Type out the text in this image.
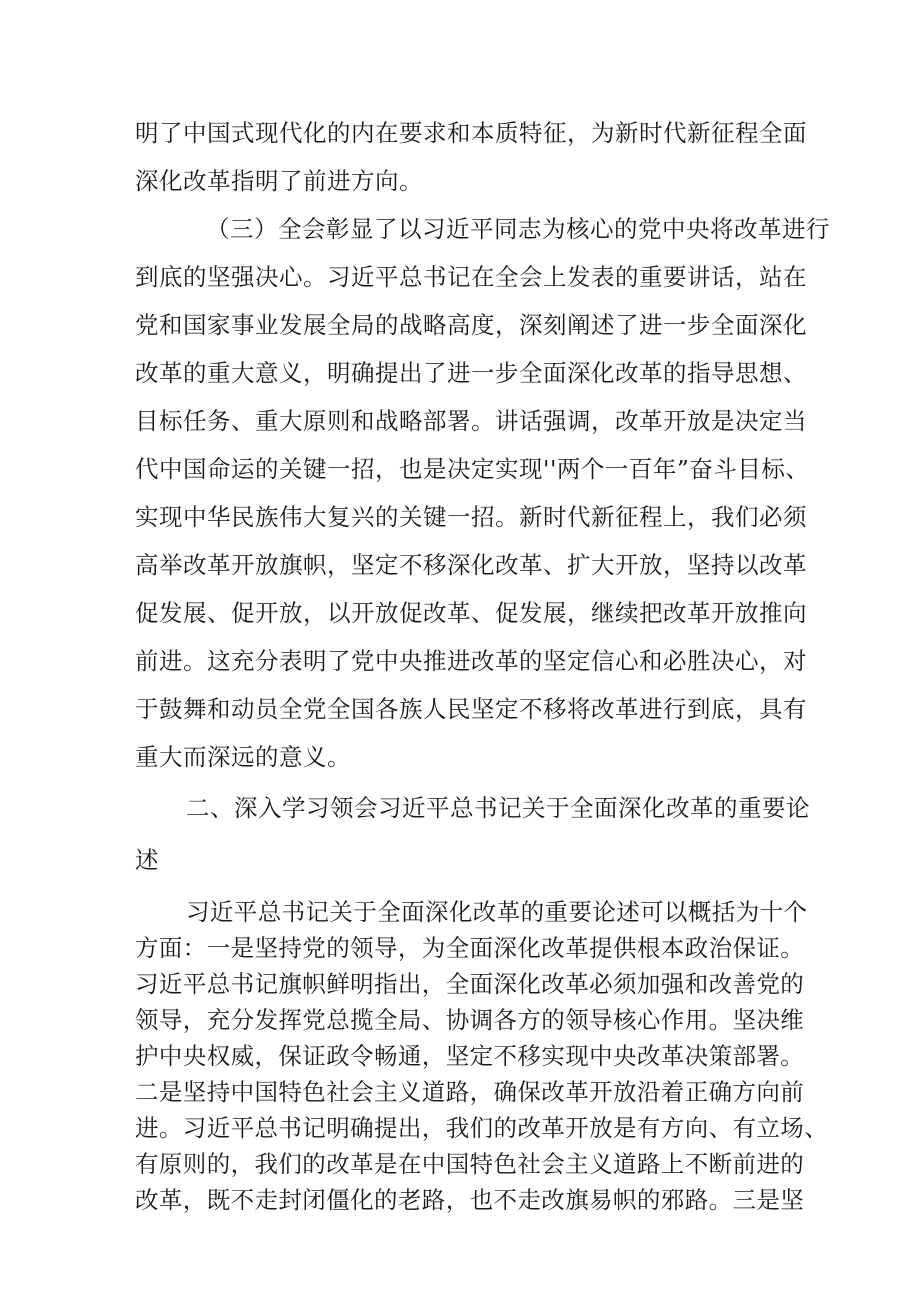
明了中国式现代化的内在要求和本质特征，为新时代新征程全面
深化改革指明了前进方向。
（三）全会彰显了以习近平同志为核心的党中央将改革进行
到底的坚强决心。习近平总书记在全会上发表的重要讲话，站在
党和国家事业发展全局的战略高度，深刻阐述了进一步全面深化
改革的重大意义，明确提出了进一步全面深化改革的指导思想、
目标任务、重大原则和战略部署。讲话强调，改革开放是决定当
代中国命运的关键一招，也是决定实现''两个一百年”奋斗目标、
实现中华民族伟大复兴的关键一招。新时代新征程上，我们必须
高举改革开放旗帜，坚定不移深化改革、扩大开放，坚持以改革
促发展、促开放，以开放促改革、促发展，继续把改革开放推向
前进。这充分表明了党中央推进改革的坚定信心和必胜决心，对
于鼓舞和动员全党全国各族人民坚定不移将改革进行到底，具有
重大而深远的意义。
二、深入学习领会习近平总书记关于全面深化改革的重要论
述
习近平总书记关于全面深化改革的重要论述可以概括为十个
方面：一是坚持党的领导，为全面深化改革提供根本政治保证。
习近平总书记旗帜鲜明指出，全面深化改革必须加强和改善党的
领导，充分发挥党总揽全局、协调各方的领导核心作用。坚决维
护中央权威，保证政令畅通，坚定不移实现中央改革决策部署。
二是坚持中国特色社会主义道路，确保改革开放沿着正确方向前
进。习近平总书记明确提出，我们的改革开放是有方向、有立场、
有原则的，我们的改革是在中国特色社会主义道路上不断前进的
改革，既不走封闭僵化的老路，也不走改旗易帜的邪路。三是坚
